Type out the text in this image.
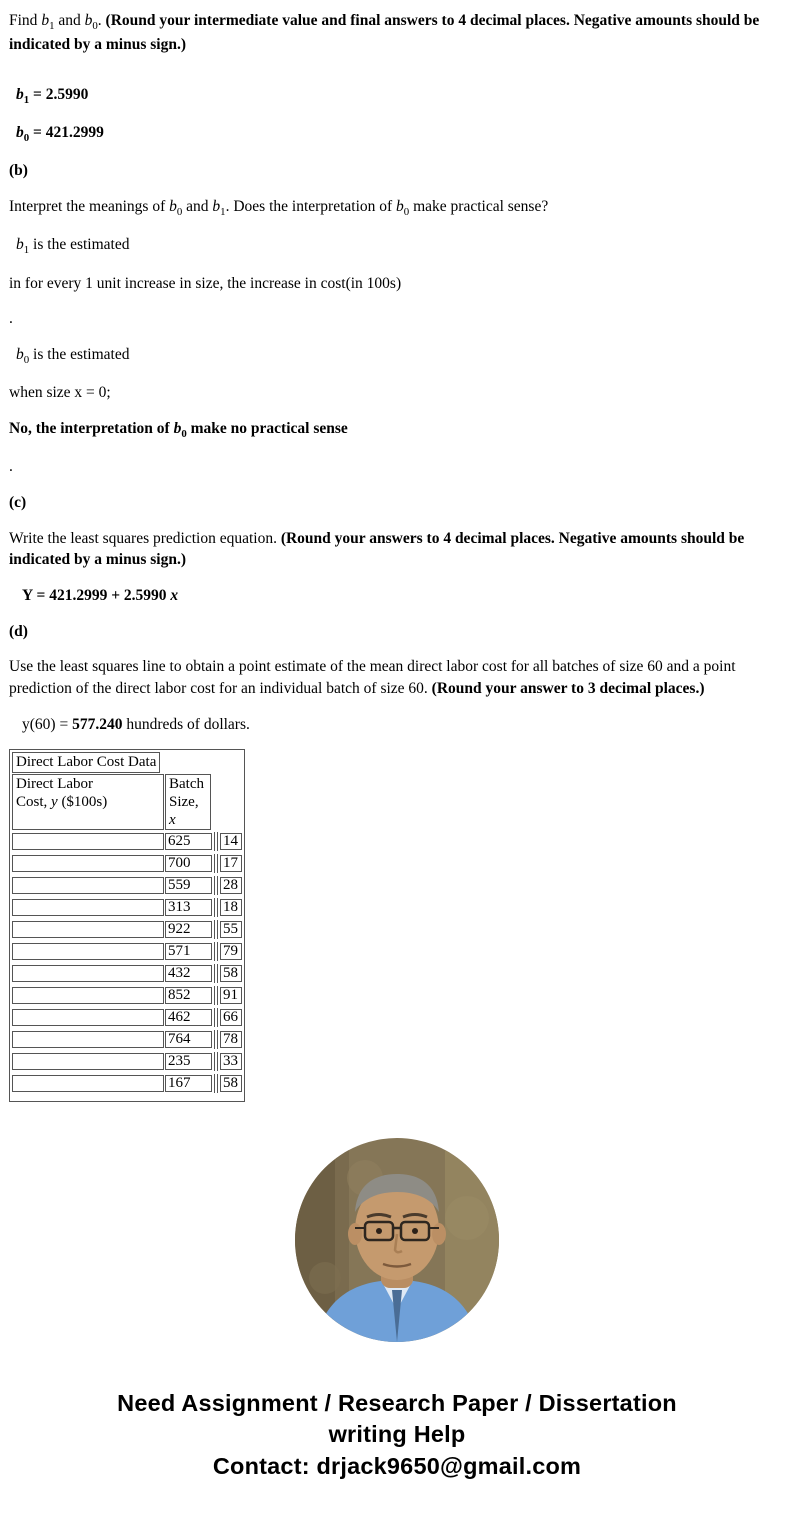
Find $b_1$ and $b_0$. (Round your intermediate value and final answers to 4 decimal places. Negative amounts should be indicated by a minus sign.)

$b_1 = 2.5990$

$b_0 = 421.2999$

(b)

Interpret the meanings of $b_0$ and $b_1$. Does the interpretation of $b_0$ make practical sense?

$b_1$ is the estimated

in for every 1 unit increase in size, the increase in cost(in 100s)

.

$b_0$ is the estimated

when size x = 0;

No, the interpretation of $b_0$ make no practical sense

.

(c)

Write the least squares prediction equation. (Round your answers to 4 decimal places. Negative amounts should be indicated by a minus sign.)

Y = 421.2999 + 2.5990 x

(d)

Use the least squares line to obtain a point estimate of the mean direct labor cost for all batches of size 60 and a point prediction of the direct labor cost for an individual batch of size 60. (Round your answer to 3 decimal places.)

y(60) = 577.240 hundreds of dollars.

Direct Labor Cost Data
Direct Labor
Cost, y ($100s)
Batch
Size, x
625	14
700	17
559	28
313	18
922	55
571	79
432	58
852	91
462	66
764	78
235	33
167	58
Need Assignment / Research Paper / Dissertation
writing Help
Contact: drjack9650@gmail.com
